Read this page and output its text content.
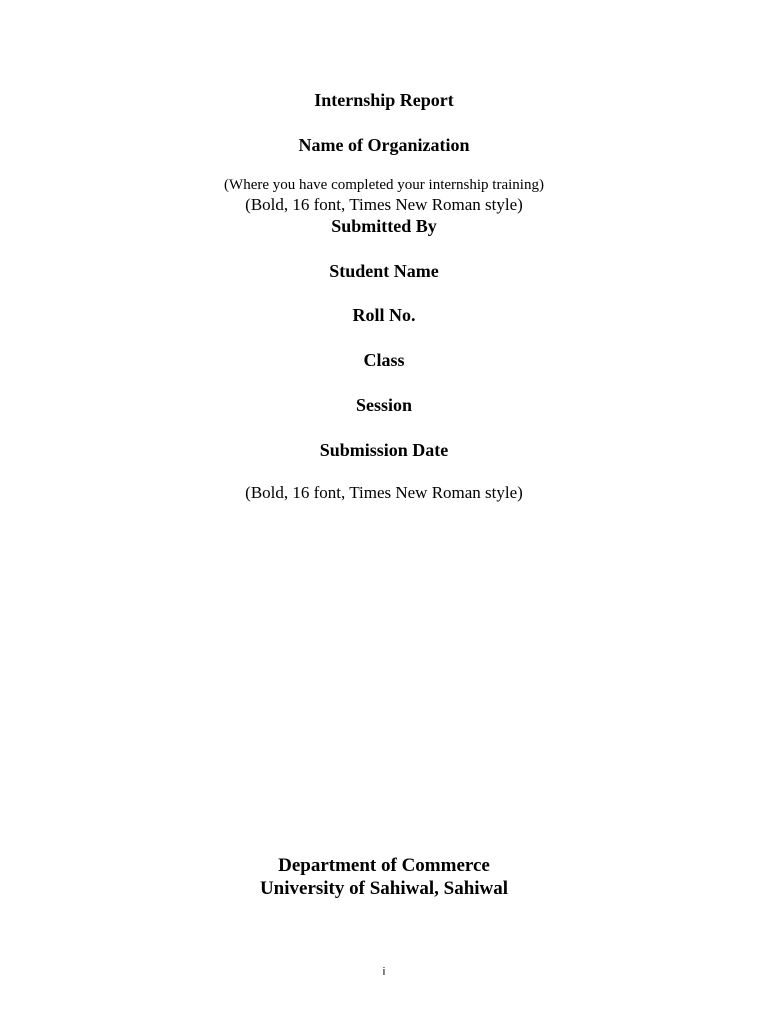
Internship Report
Name of Organization
(Where you have completed your internship training)
(Bold, 16 font, Times New Roman style)
Submitted By
Student Name
Roll No.
Class
Session
Submission Date
(Bold, 16 font, Times New Roman style)
Department of Commerce
University of Sahiwal, Sahiwal
i
